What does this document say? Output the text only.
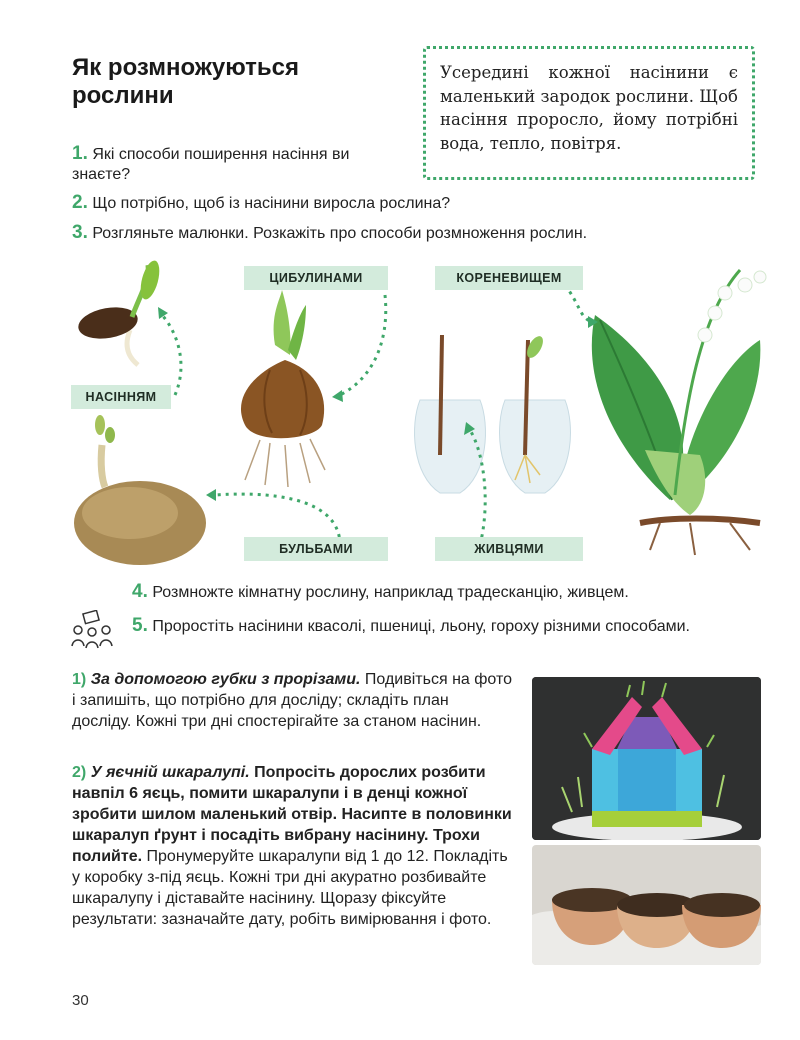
Як розмножуються рослини
Усередині кожної насінини є маленький зародок рослини. Щоб насіння проросло, йому потрібні вода, тепло, повітря.
1. Які способи поширення насіння ви знаєте?
2. Що потрібно, щоб із насінини виросла рослина?
3. Розгляньте малюнки. Розкажіть про способи розмноження рослин.
НАСІННЯМ
ЦИБУЛИНАМИ	КОРЕНЕВИЩЕМ
БУЛЬБАМИ	ЖИВЦЯМИ
4. Розмножте кімнатну рослину, наприклад традесканцію, живцем.
5. Проростіть насінини квасолі, пшениці, льону, гороху різними способами.
1) За допомогою губки з прорізами. Подивіться на фото і запишіть, що потрібно для досліду; складіть план досліду. Кожні три дні спостерігайте за станом насінин.
2) У яєчній шкаралупі. Попросіть дорослих розбити навпіл 6 яєць, помити шкаралупи і в денці кожної зробити шилом маленький отвір. Насипте в половинки шкаралуп ґрунт і посадіть вибрану насінину. Трохи полийте. Пронумеруйте шкаралупи від 1 до 12. Покладіть у коробку з-під яєць. Кожні три дні акуратно розбивайте шкаралупу і діставайте насінину. Щоразу фіксуйте результати: зазначайте дату, робіть вимірювання і фото.
30
